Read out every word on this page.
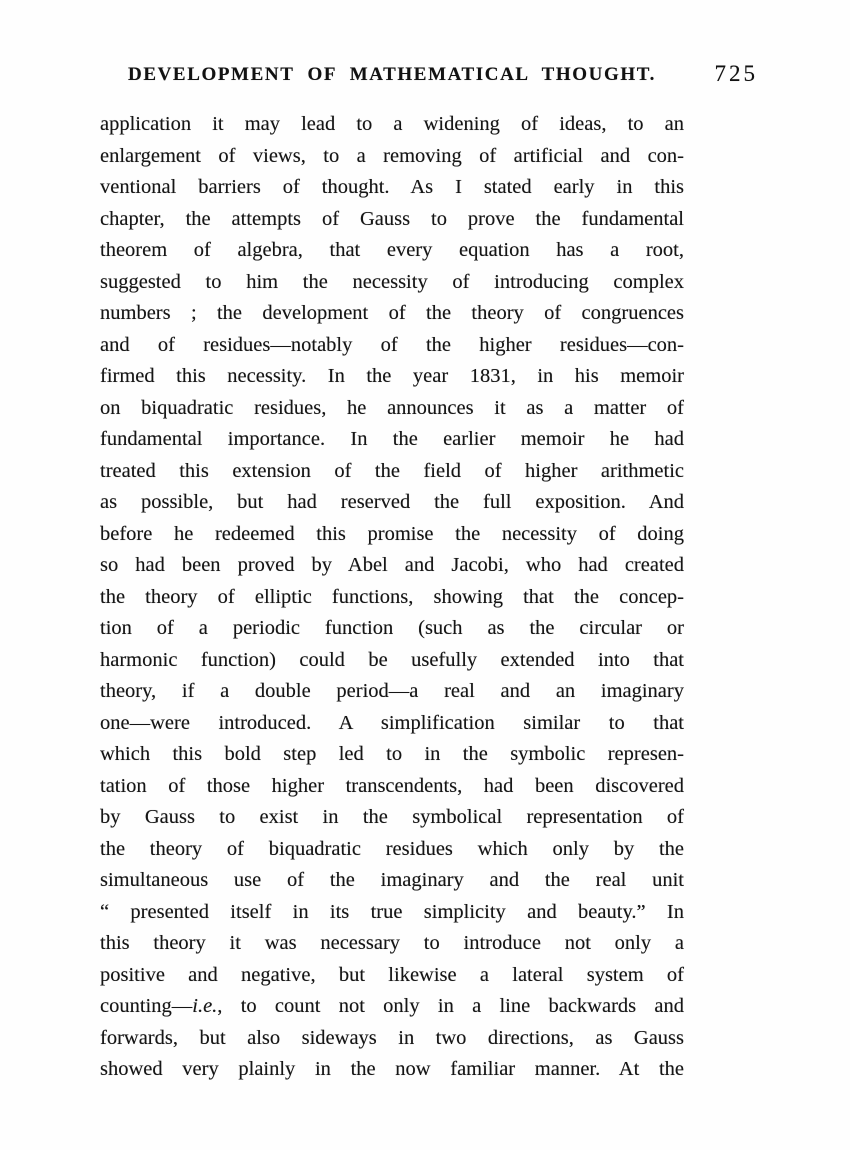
DEVELOPMENT OF MATHEMATICAL THOUGHT.	725
application it may lead to a widening of ideas, to an
enlargement of views, to a removing of artificial and con-
ventional barriers of thought. As I stated early in this
chapter, the attempts of Gauss to prove the fundamental
theorem of algebra, that every equation has a root,
suggested to him the necessity of introducing complex
numbers ; the development of the theory of congruences
and of residues—notably of the higher residues—con-
firmed this necessity. In the year 1831, in his memoir
on biquadratic residues, he announces it as a matter of
fundamental importance. In the earlier memoir he had
treated this extension of the field of higher arithmetic
as possible, but had reserved the full exposition. And
before he redeemed this promise the necessity of doing
so had been proved by Abel and Jacobi, who had created
the theory of elliptic functions, showing that the concep-
tion of a periodic function (such as the circular or
harmonic function) could be usefully extended into that
theory, if a double period—a real and an imaginary
one—were introduced. A simplification similar to that
which this bold step led to in the symbolic represen-
tation of those higher transcendents, had been discovered
by Gauss to exist in the symbolical representation of
the theory of biquadratic residues which only by the
simultaneous use of the imaginary and the real unit
“ presented itself in its true simplicity and beauty.” In
this theory it was necessary to introduce not only a
positive and negative, but likewise a lateral system of
counting—i.e., to count not only in a line backwards and
forwards, but also sideways in two directions, as Gauss
showed very plainly in the now familiar manner. At the
